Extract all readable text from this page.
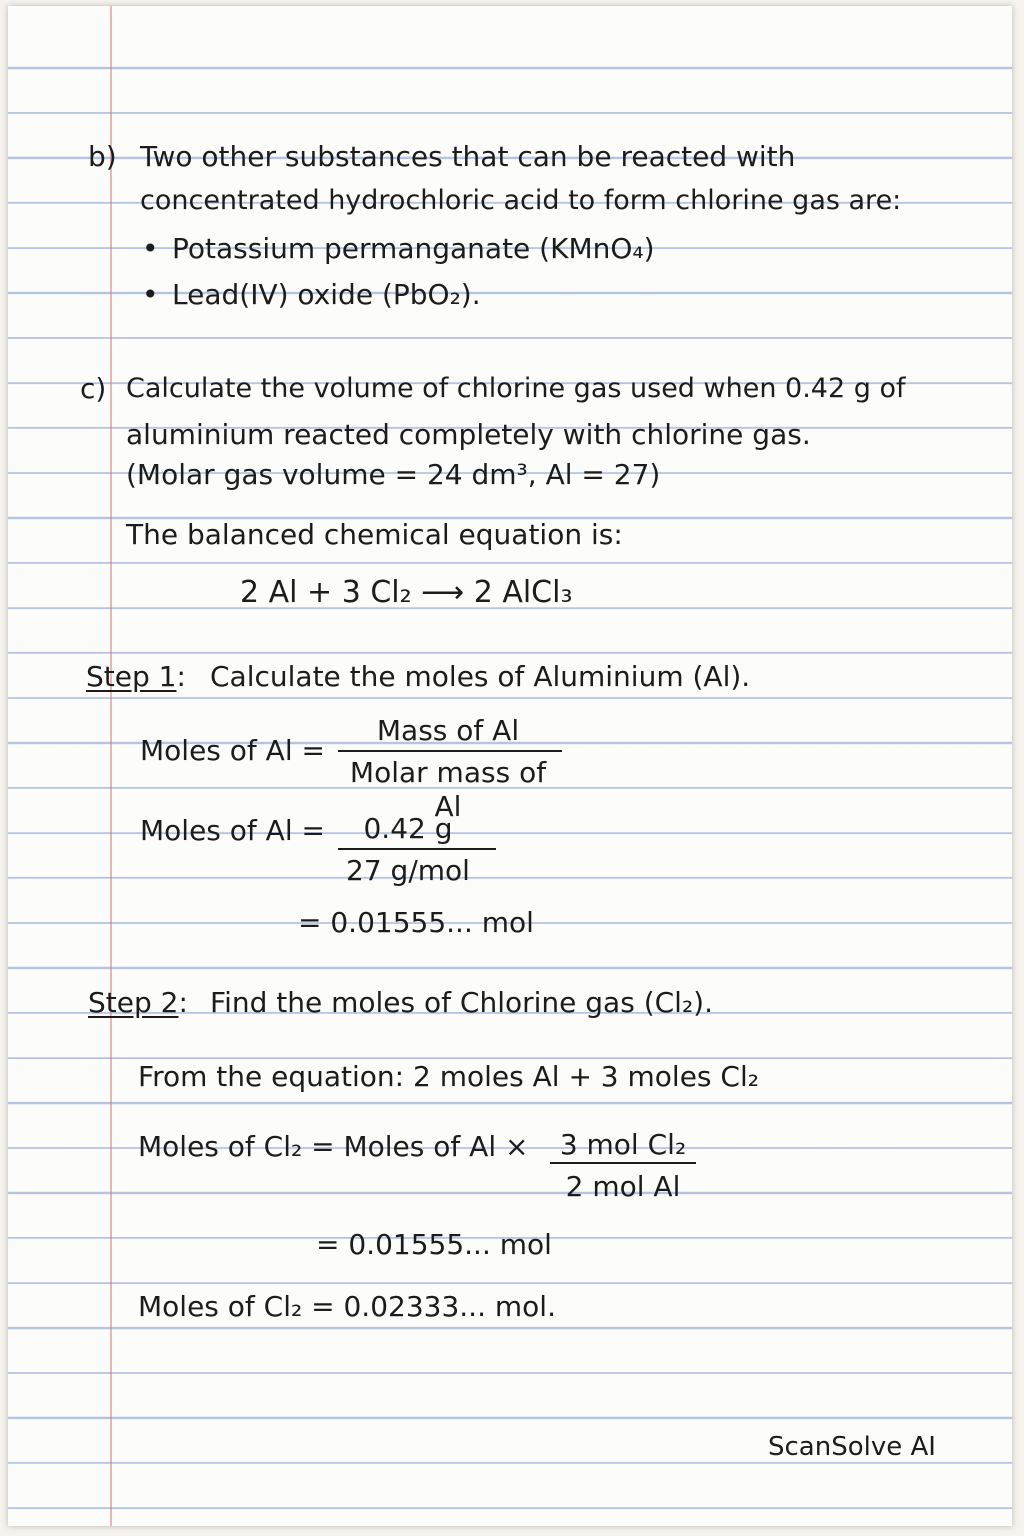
b) Two other substances that can be reacted with
concentrated hydrochloric acid to form chlorine gas are:
• Potassium permanganate (KMnO₄)
• Lead(IV) oxide (PbO₂).
c) Calculate the volume of chlorine gas used when 0.42 g of
aluminium reacted completely with chlorine gas.
(Molar gas volume = 24 dm³, Al = 27)
The balanced chemical equation is:
2 Al + 3 Cl₂ ⟶ 2 AlCl₃
Step 1: Calculate the moles of Aluminium (Al).
Moles of Al =
Mass of Al
Molar mass of Al
Moles of Al =	0.42 g
27 g/mol
= 0.01555... mol
Step 2: Find the moles of Chlorine gas (Cl₂).
From the equation: 2 moles Al + 3 moles Cl₂
Moles of Cl₂ = Moles of Al ×	3 mol Cl₂
2 mol Al
= 0.01555... mol
Moles of Cl₂ = 0.02333... mol.
ScanSolve AI
